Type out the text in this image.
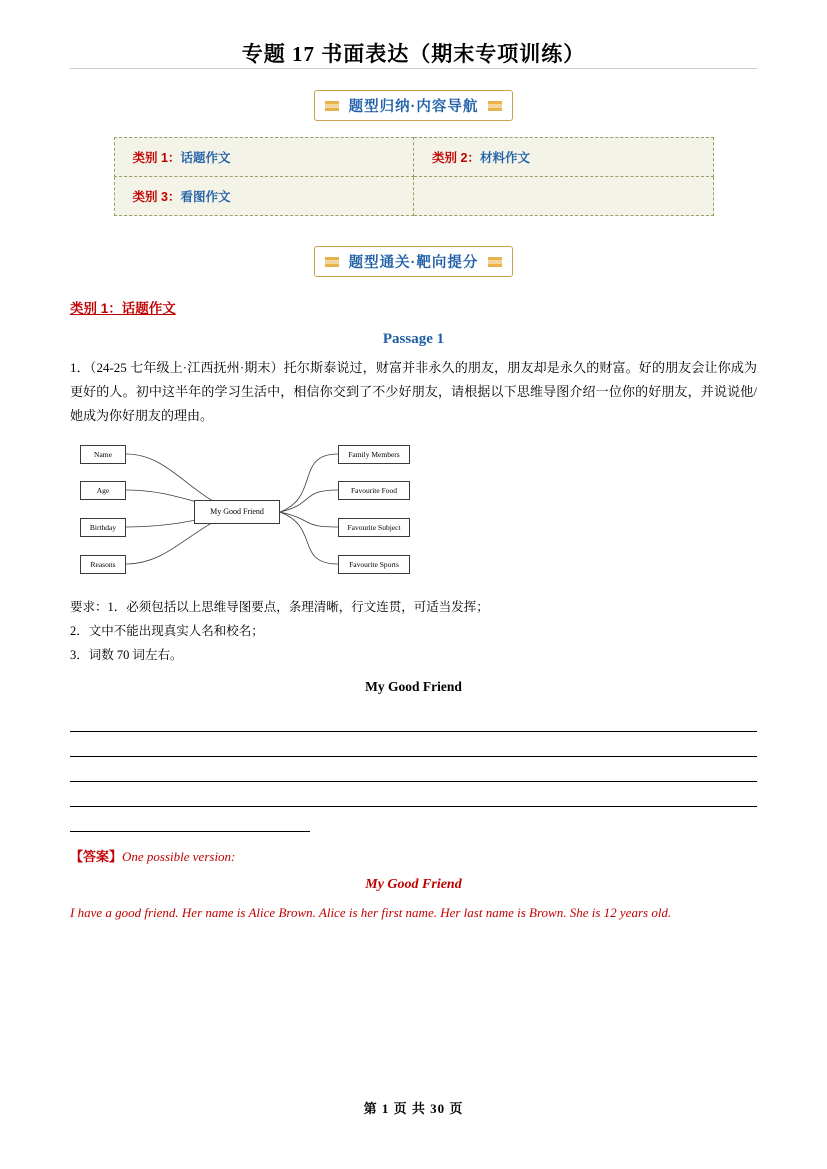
专题 17 书面表达（期末专项训练）
题型归纳·内容导航
类别 1：话题作文	类别 2：材料作文
类别 3：看图作文	
题型通关·靶向提分
类别 1：话题作文
Passage 1
1．（24-25 七年级上·江西抚州·期末）托尔斯泰说过，财富并非永久的朋友，朋友却是永久的财富。好的朋友会让你成为更好的人。初中这半年的学习生活中，相信你交到了不少好朋友，请根据以下思维导图介绍一位你的好朋友，并说说他/她成为你好朋友的理由。
Name
Age
Birthday
Reasons
My Good Friend
Family Members
Favourite Food
Favourite Subject
Favourite Sports
要求：1．必须包括以上思维导图要点，条理清晰，行文连贯，可适当发挥；
2．文中不能出现真实人名和校名；
3．词数 70 词左右。
My Good Friend
【答案】One possible version:
My Good Friend
I have a good friend. Her name is Alice Brown. Alice is her first name. Her last name is Brown. She is 12 years old.
第 1 页 共 30 页
